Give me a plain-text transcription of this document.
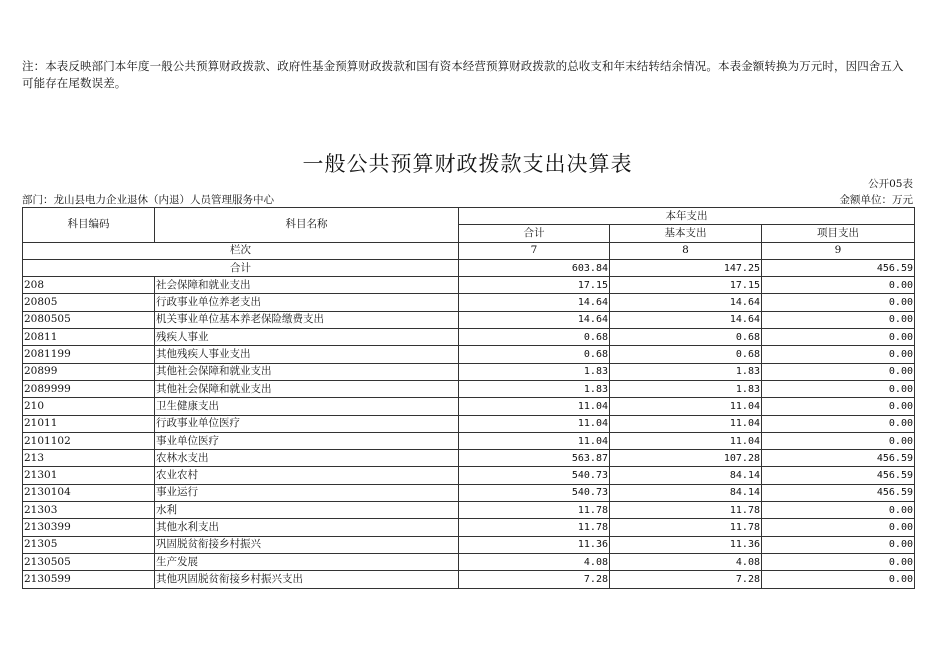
注：本表反映部门本年度一般公共预算财政拨款、政府性基金预算财政拨款和国有资本经营预算财政拨款的总收支和年末结转结余情况。本表金额转换为万元时，因四舍五入可能存在尾数误差。
一般公共预算财政拨款支出决算表
公开05表
部门：龙山县电力企业退休（内退）人员管理服务中心	金额单位：万元
科目编码	科目名称	本年支出		
		合计	基本支出	项目支出
栏次		7	8	9
合计		603.84	147.25	456.59
208	社会保障和就业支出	17.15	17.15	0.00
20805	行政事业单位养老支出	14.64	14.64	0.00
2080505	机关事业单位基本养老保险缴费支出	14.64	14.64	0.00
20811	残疾人事业	0.68	0.68	0.00
2081199	其他残疾人事业支出	0.68	0.68	0.00
20899	其他社会保障和就业支出	1.83	1.83	0.00
2089999	其他社会保障和就业支出	1.83	1.83	0.00
210	卫生健康支出	11.04	11.04	0.00
21011	行政事业单位医疗	11.04	11.04	0.00
2101102	事业单位医疗	11.04	11.04	0.00
213	农林水支出	563.87	107.28	456.59
21301	农业农村	540.73	84.14	456.59
2130104	事业运行	540.73	84.14	456.59
21303	水利	11.78	11.78	0.00
2130399	其他水利支出	11.78	11.78	0.00
21305	巩固脱贫衔接乡村振兴	11.36	11.36	0.00
2130505	生产发展	4.08	4.08	0.00
2130599	其他巩固脱贫衔接乡村振兴支出	7.28	7.28	0.00
